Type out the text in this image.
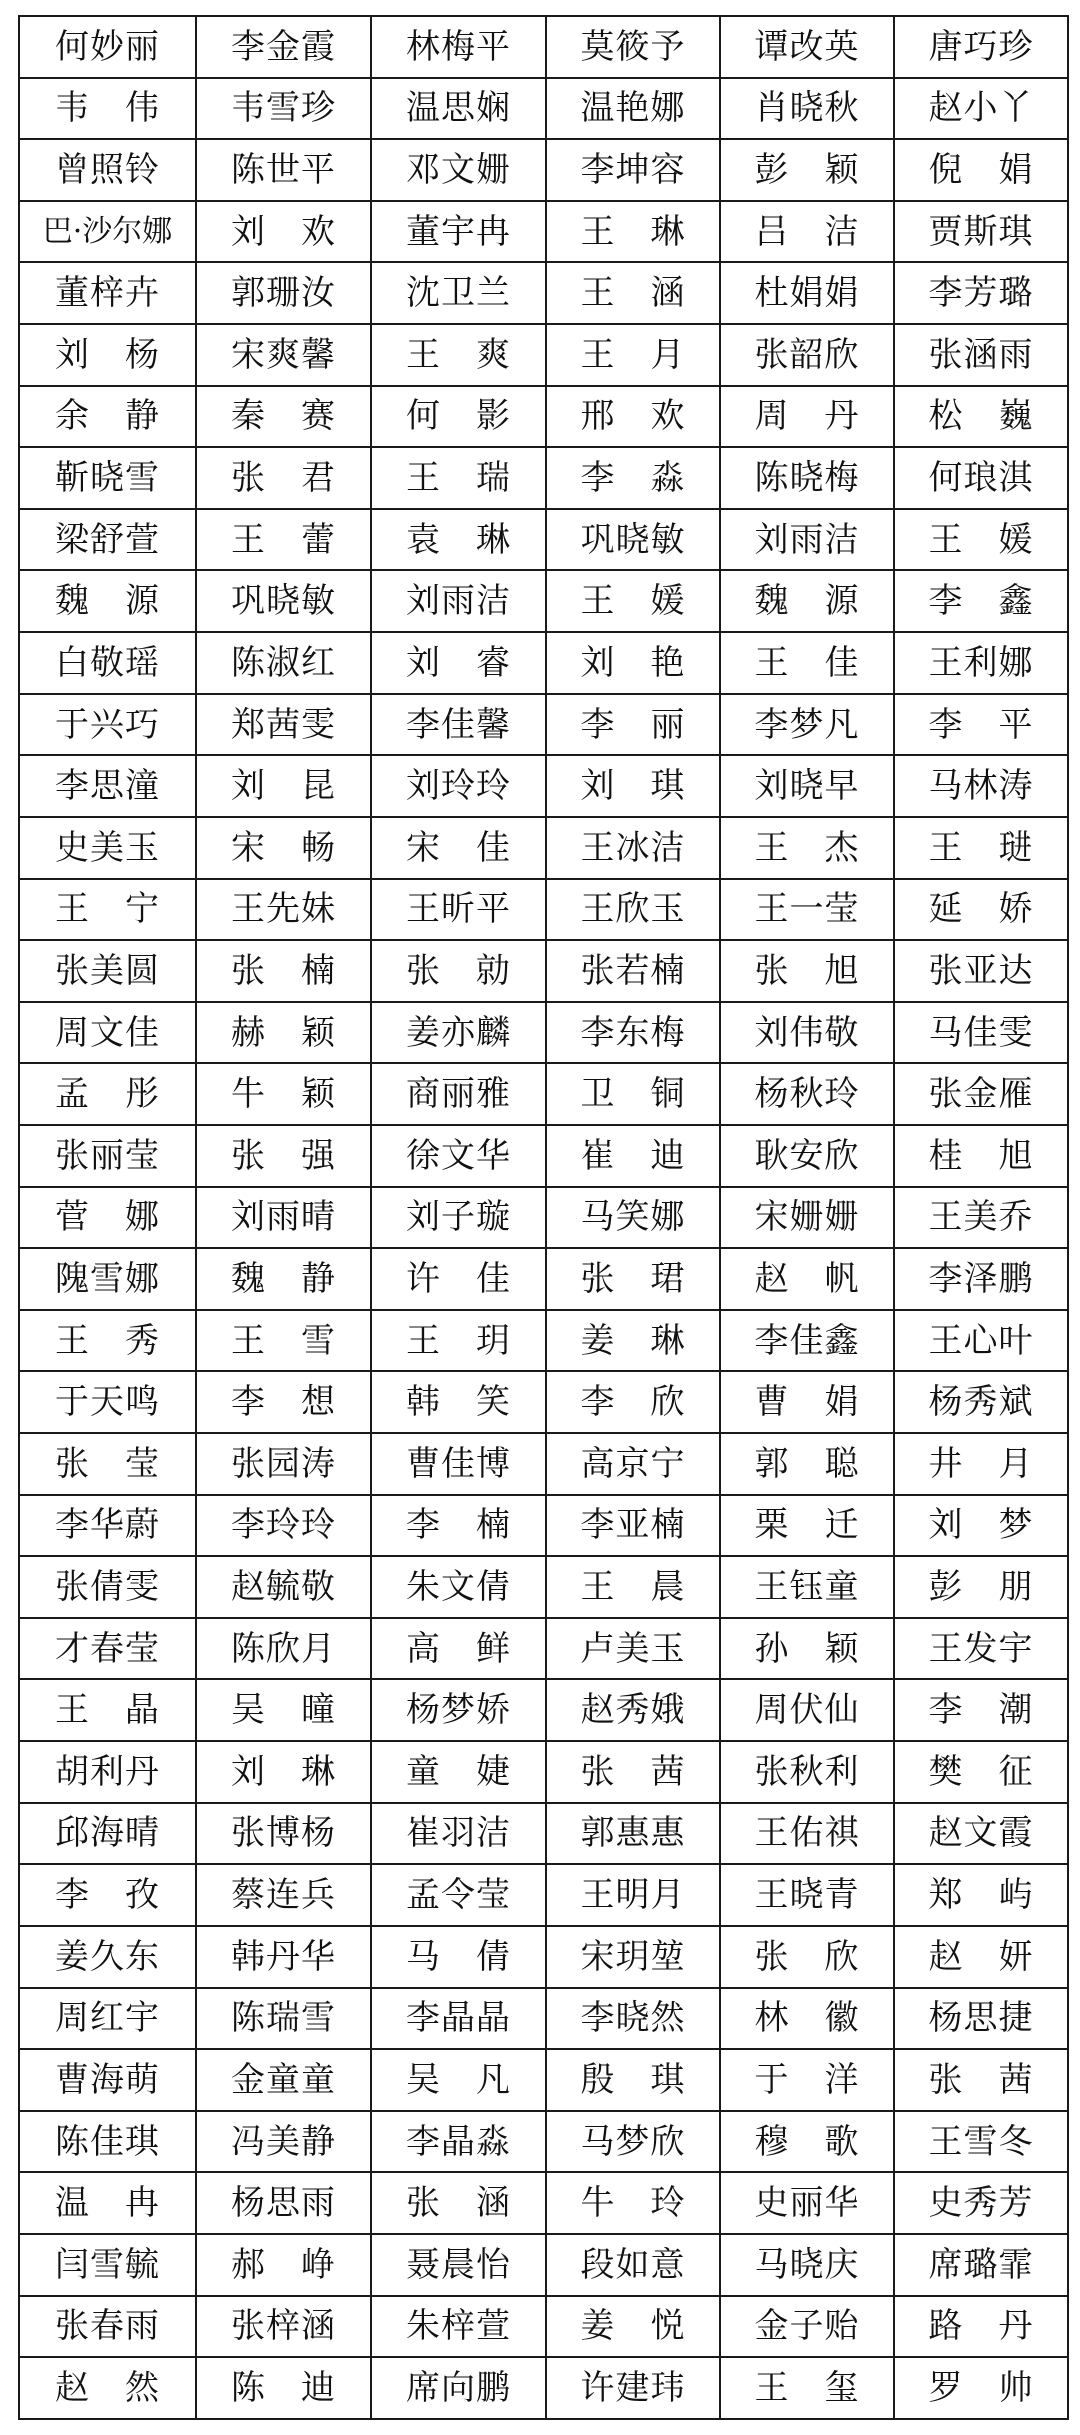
何妙丽	李金霞	林梅平	莫筱予	谭改英	唐巧珍
韦　伟	韦雪珍	温思娴	温艳娜	肖晓秋	赵小丫
曾照铃	陈世平	邓文姗	李坤容	彭　颖	倪　娟
巴·沙尔娜	刘　欢	董宇冉	王　琳	吕　洁	贾斯琪
董梓卉	郭珊汝	沈卫兰	王　涵	杜娟娟	李芳璐
刘　杨	宋爽馨	王　爽	王　月	张韶欣	张涵雨
余　静	秦　赛	何　影	邢　欢	周　丹	松　巍
靳晓雪	张　君	王　瑞	李　淼	陈晓梅	何琅淇
梁舒萱	王　蕾	袁　琳	巩晓敏	刘雨洁	王　媛
魏　源	巩晓敏	刘雨洁	王　媛	魏　源	李　鑫
白敬瑶	陈淑红	刘　睿	刘　艳	王　佳	王利娜
于兴巧	郑茜雯	李佳馨	李　丽	李梦凡	李　平
李思潼	刘　昆	刘玲玲	刘　琪	刘晓早	马林涛
史美玉	宋　畅	宋　佳	王冰洁	王　杰	王　琎
王　宁	王先妹	王昕平	王欣玉	王一莹	延　娇
张美圆	张　楠	张　勍	张若楠	张　旭	张亚达
周文佳	赫　颖	姜亦麟	李东梅	刘伟敬	马佳雯
孟　彤	牛　颖	商丽雅	卫　铜	杨秋玲	张金雁
张丽莹	张　强	徐文华	崔　迪	耿安欣	桂　旭
菅　娜	刘雨晴	刘子璇	马笑娜	宋姗姗	王美乔
隗雪娜	魏　静	许　佳	张　珺	赵　帆	李泽鹏
王　秀	王　雪	王　玥	姜　琳	李佳鑫	王心叶
于天鸣	李　想	韩　笑	李　欣	曹　娟	杨秀斌
张　莹	张园涛	曹佳博	高京宁	郭　聪	井　月
李华蔚	李玲玲	李　楠	李亚楠	栗　迁	刘　梦
张倩雯	赵毓敬	朱文倩	王　晨	王钰童	彭　朋
才春莹	陈欣月	高　鲜	卢美玉	孙　颖	王发宇
王　晶	吴　曈	杨梦娇	赵秀娥	周伏仙	李　潮
胡利丹	刘　琳	童　婕	张　茜	张秋利	樊　征
邱海晴	张博杨	崔羽洁	郭惠惠	王佑祺	赵文霞
李　孜	蔡连兵	孟令莹	王明月	王晓青	郑　屿
姜久东	韩丹华	马　倩	宋玥堃	张　欣	赵　妍
周红宇	陈瑞雪	李晶晶	李晓然	林　徽	杨思捷
曹海萌	金童童	吴　凡	殷　琪	于　洋	张　茜
陈佳琪	冯美静	李晶淼	马梦欣	穆　歌	王雪冬
温　冉	杨思雨	张　涵	牛　玲	史丽华	史秀芳
闫雪毓	郝　峥	聂晨怡	段如意	马晓庆	席璐霏
张春雨	张梓涵	朱梓萱	姜　悦	金子贻	路　丹
赵　然	陈　迪	席向鹏	许建玮	王　玺	罗　帅
